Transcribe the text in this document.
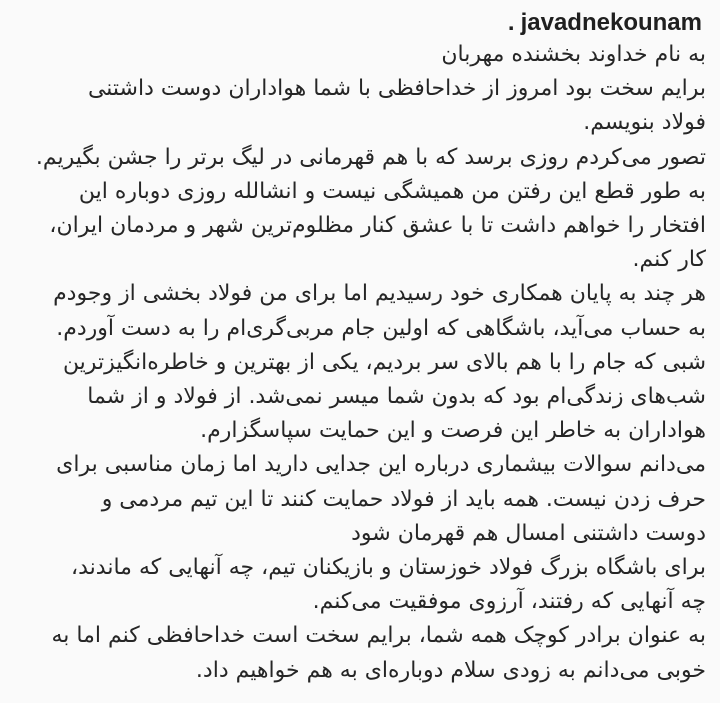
. javadnekounam
به نام خداوند بخشنده مهربان
برایم سخت بود امروز از خداحافظی با شما هواداران دوست داشتنی
فولاد بنویسم.
تصور می‌کردم روزی برسد که با هم قهرمانی در لیگ برتر را جشن بگیریم.
به طور قطع این رفتن من همیشگی نیست و انشالله روزی دوباره این
افتخار را خواهم داشت تا با عشق کنار مظلوم‌ترین شهر و مردمان ایران،
کار کنم.
هر چند به پایان همکاری خود رسیدیم اما برای من فولاد بخشی از وجودم
به حساب می‌آید، باشگاهی که اولین جام مربی‌گری‌ام را به دست آوردم.
شبی که جام را با هم بالای سر بردیم، یکی از بهترین و خاطره‌انگیزترین
شب‌های زندگی‌ام بود که بدون شما میسر نمی‌شد. از فولاد و از شما
هواداران به خاطر این فرصت و این حمایت سپاسگزارم.
می‌دانم سوالات بیشماری درباره این جدایی دارید اما زمان مناسبی برای
حرف زدن نیست. همه باید از فولاد حمایت کنند تا این تیم مردمی و
دوست داشتنی امسال هم قهرمان شود
برای باشگاه بزرگ فولاد خوزستان و بازیکنان تیم، چه آنهایی که ماندند،
چه آنهایی که رفتند، آرزوی موفقیت می‌کنم.
به عنوان برادر کوچک همه شما، برایم سخت است خداحافظی کنم اما به
خوبی می‌دانم به زودی سلام دوباره‌ای به هم خواهیم داد.
